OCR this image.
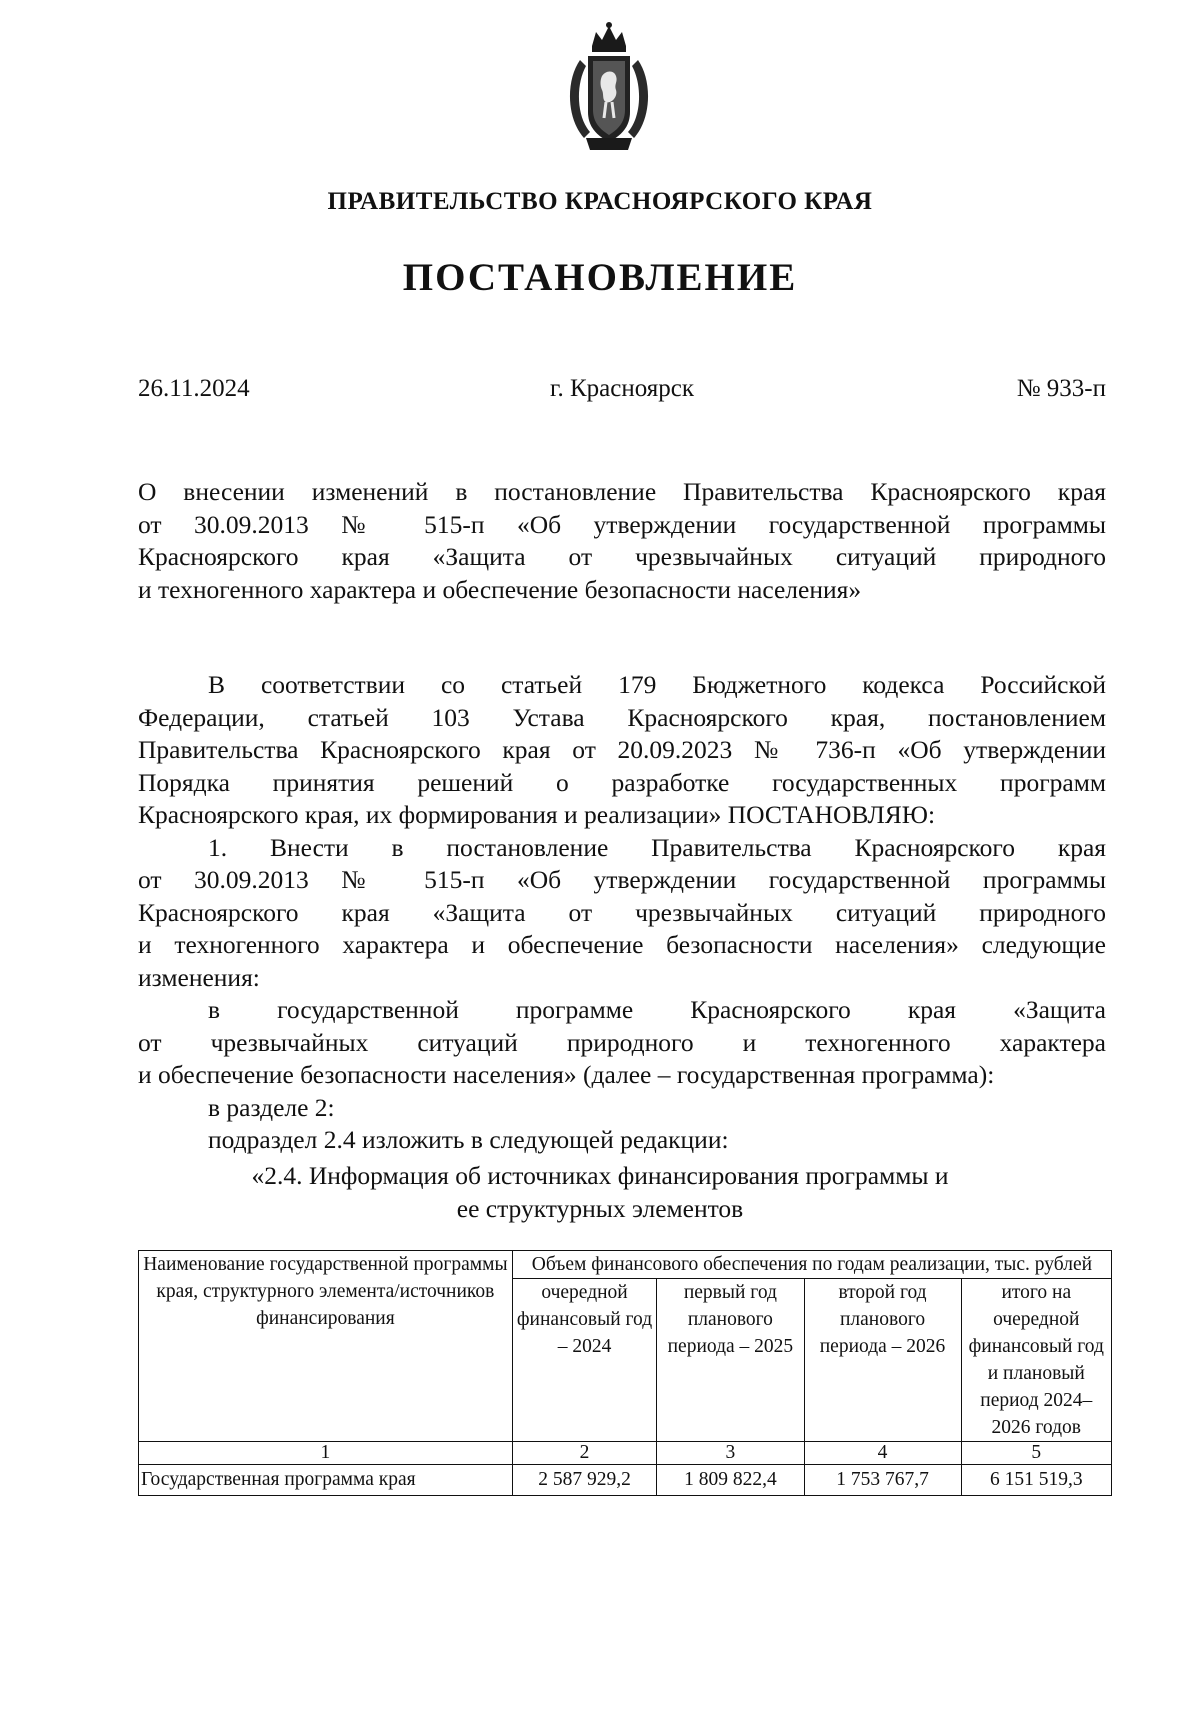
ПРАВИТЕЛЬСТВО КРАСНОЯРСКОГО КРАЯ
ПОСТАНОВЛЕНИЕ
г. Красноярск
26.11.2024	№ 933-п
О внесении изменений в постановление Правительства Красноярского края
от 30.09.2013 № 515-п «Об утверждении государственной программы
Красноярского края «Защита от чрезвычайных ситуаций природного
и техногенного характера и обеспечение безопасности населения»
В соответствии со статьей 179 Бюджетного кодекса Российской
Федерации, статьей 103 Устава Красноярского края, постановлением
Правительства Красноярского края от 20.09.2023 № 736-п «Об утверждении
Порядка принятия решений о разработке государственных программ
Красноярского края, их формирования и реализации» ПОСТАНОВЛЯЮ:
1. Внести в постановление Правительства Красноярского края
от 30.09.2013 № 515-п «Об утверждении государственной программы
Красноярского края «Защита от чрезвычайных ситуаций природного
и техногенного характера и обеспечение безопасности населения» следующие
изменения:
в государственной программе Красноярского края «Защита
от чрезвычайных ситуаций природного и техногенного характера
и обеспечение безопасности населения» (далее – государственная программа):
в разделе 2:
подраздел 2.4 изложить в следующей редакции:
«2.4. Информация об источниках финансирования программы и
ее структурных элементов
Наименование государственной программы края, структурного элемента/источников финансирования	Объем финансового обеспечения по годам реализации, тыс. рублей			
	очередной финансовый год – 2024	первый год планового периода – 2025	второй год планового периода – 2026	итого на очередной финансовый год и плановый период 2024–2026 годов
1	2	3	4	5
Государственная программа края	2 587 929,2	1 809 822,4	1 753 767,7	6 151 519,3
